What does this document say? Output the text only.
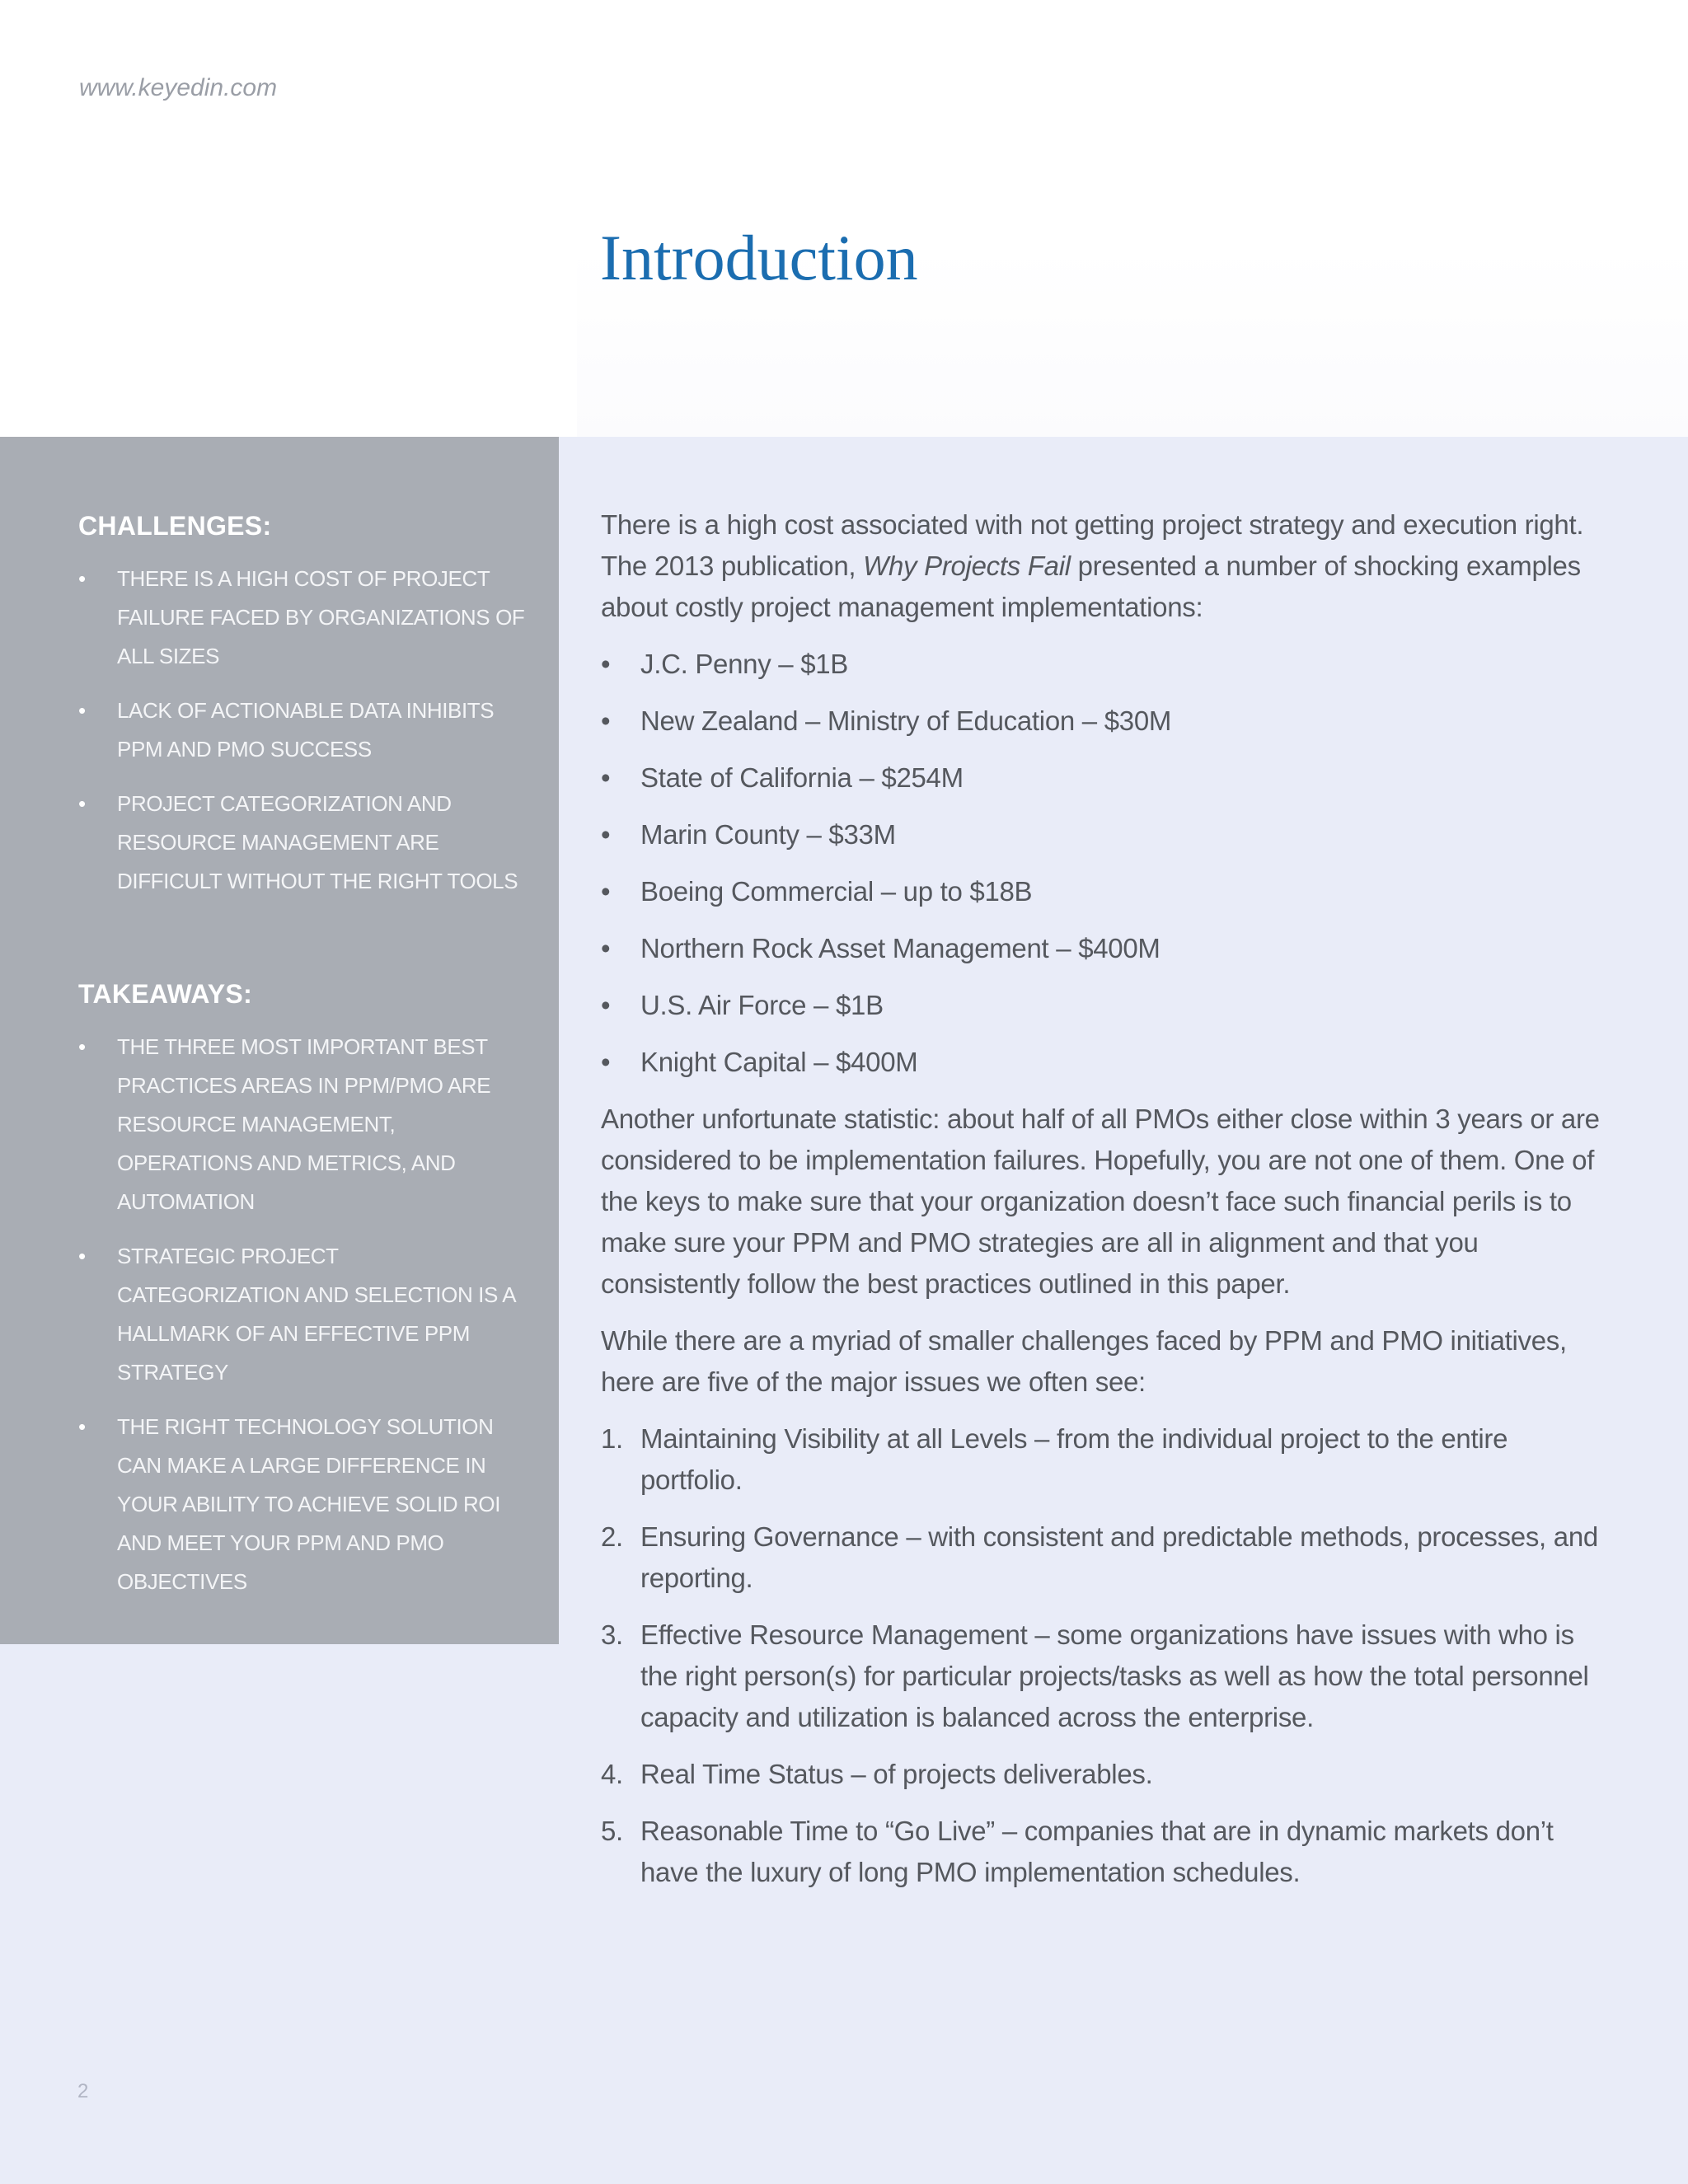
www.keyedin.com
Introduction
CHALLENGES:
• THERE IS A HIGH COST OF PROJECT FAILURE FACED BY ORGANIZATIONS OF ALL SIZES
• LACK OF ACTIONABLE DATA INHIBITS PPM AND PMO SUCCESS
• PROJECT CATEGORIZATION AND RESOURCE MANAGEMENT ARE DIFFICULT WITHOUT THE RIGHT TOOLS
TAKEAWAYS:
• THE THREE MOST IMPORTANT BEST PRACTICES AREAS IN PPM/PMO ARE RESOURCE MANAGEMENT, OPERATIONS AND METRICS, AND AUTOMATION
• STRATEGIC PROJECT CATEGORIZATION AND SELECTION IS A HALLMARK OF AN EFFECTIVE PPM STRATEGY
• THE RIGHT TECHNOLOGY SOLUTION CAN MAKE A LARGE DIFFERENCE IN YOUR ABILITY TO ACHIEVE SOLID ROI AND MEET YOUR PPM AND PMO OBJECTIVES

There is a high cost associated with not getting project strategy and execution right. The 2013 publication, Why Projects Fail presented a number of shocking examples about costly project management implementations:

• J.C. Penny – $1B
• New Zealand – Ministry of Education – $30M
• State of California – $254M
• Marin County – $33M
• Boeing Commercial – up to $18B
• Northern Rock Asset Management – $400M
• U.S. Air Force – $1B
• Knight Capital – $400M

Another unfortunate statistic: about half of all PMOs either close within 3 years or are considered to be implementation failures. Hopefully, you are not one of them. One of the keys to make sure that your organization doesn’t face such financial perils is to make sure your PPM and PMO strategies are all in alignment and that you consistently follow the best practices outlined in this paper.

While there are a myriad of smaller challenges faced by PPM and PMO initiatives, here are five of the major issues we often see:

1. Maintaining Visibility at all Levels – from the individual project to the entire portfolio.
2. Ensuring Governance – with consistent and predictable methods, processes, and reporting.
3. Effective Resource Management – some organizations have issues with who is the right person(s) for particular projects/tasks as well as how the total personnel capacity and utilization is balanced across the enterprise.
4. Real Time Status – of projects deliverables.
5. Reasonable Time to “Go Live” – companies that are in dynamic markets don’t have the luxury of long PMO implementation schedules.
2
